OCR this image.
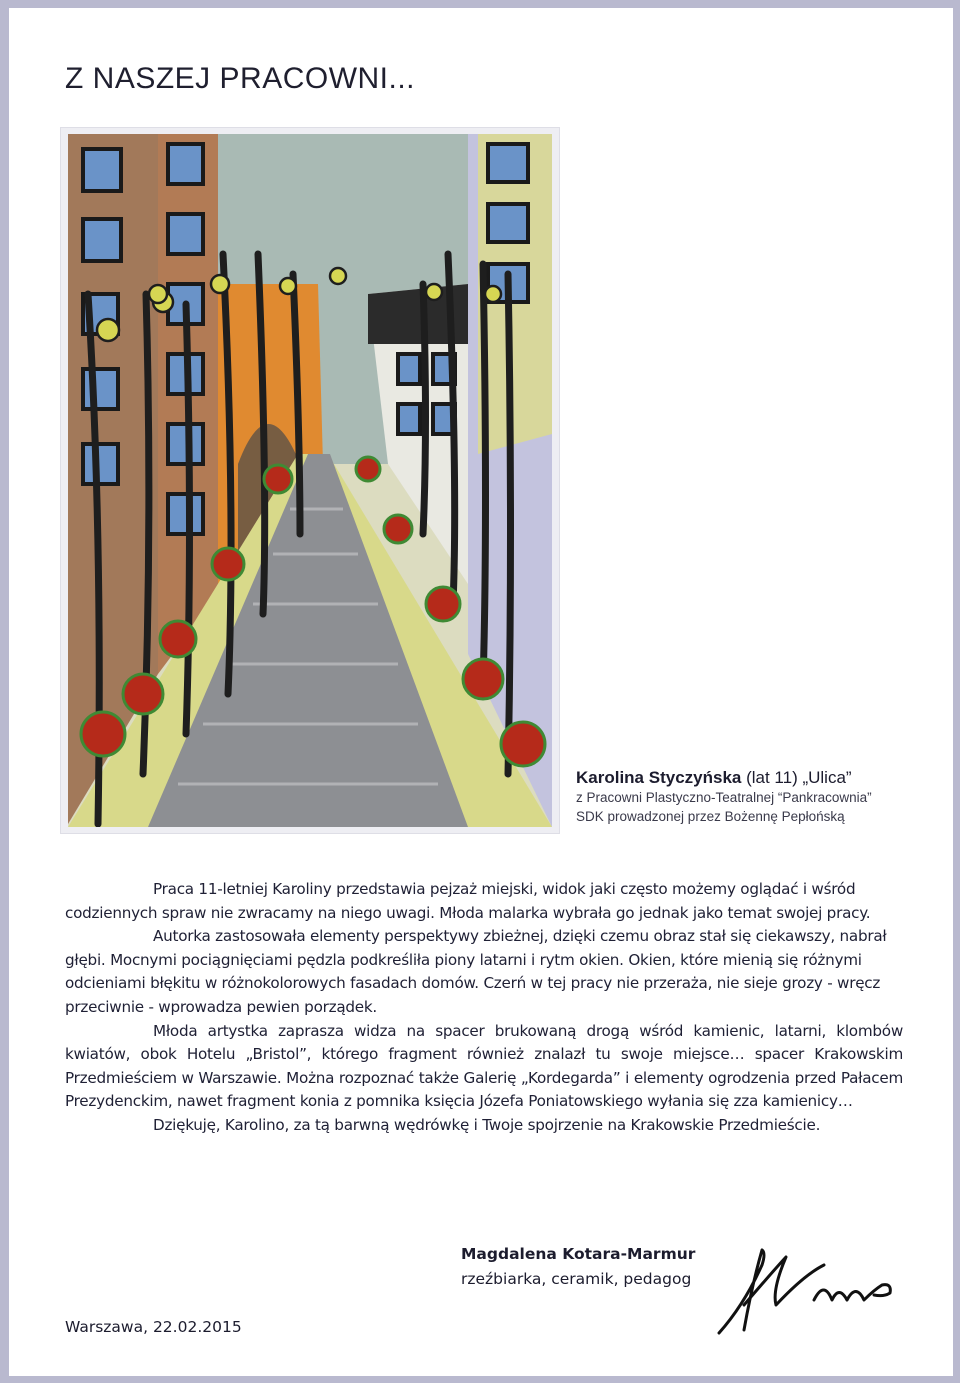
Z NASZEJ PRACOWNI...
Karolina Styczyńska (lat 11) „Ulica”
z Pracowni Plastyczno-Teatralnej “Pankracownia”
SDK prowadzonej przez Bożennę Pepłońską

Praca 11-letniej Karoliny przedstawia pejzaż miejski, widok jaki często możemy oglądać i wśród codziennych spraw nie zwracamy na niego uwagi. Młoda malarka wybrała go jednak jako temat swojej pracy.

Autorka zastosowała elementy perspektywy zbieżnej, dzięki czemu obraz stał się ciekawszy, nabrał głębi. Mocnymi pociągnięciami pędzla podkreśliła piony latarni i rytm okien. Okien, które mienią się różnymi odcieniami błękitu w różnokolorowych fasadach domów. Czerń w tej pracy nie przeraża, nie sieje grozy - wręcz przeciwnie - wprowadza pewien porządek.

Młoda artystka zaprasza widza na spacer brukowaną drogą wśród kamienic, latarni, klombów kwiatów, obok Hotelu „Bristol”, którego fragment również znalazł tu swoje miejsce… spacer Krakowskim Przedmieściem w Warszawie. Można rozpoznać także Galerię „Kordegarda” i elementy ogrodzenia przed Pałacem Prezydenckim, nawet fragment konia z pomnika księcia Józefa Poniatowskiego wyłania się zza kamienicy…

Dziękuję, Karolino, za tą barwną wędrówkę i Twoje spojrzenie na Krakowskie Przedmieście.

Magdalena Kotara-Marmur
rzeźbiarka, ceramik, pedagog
Warszawa, 22.02.2015
